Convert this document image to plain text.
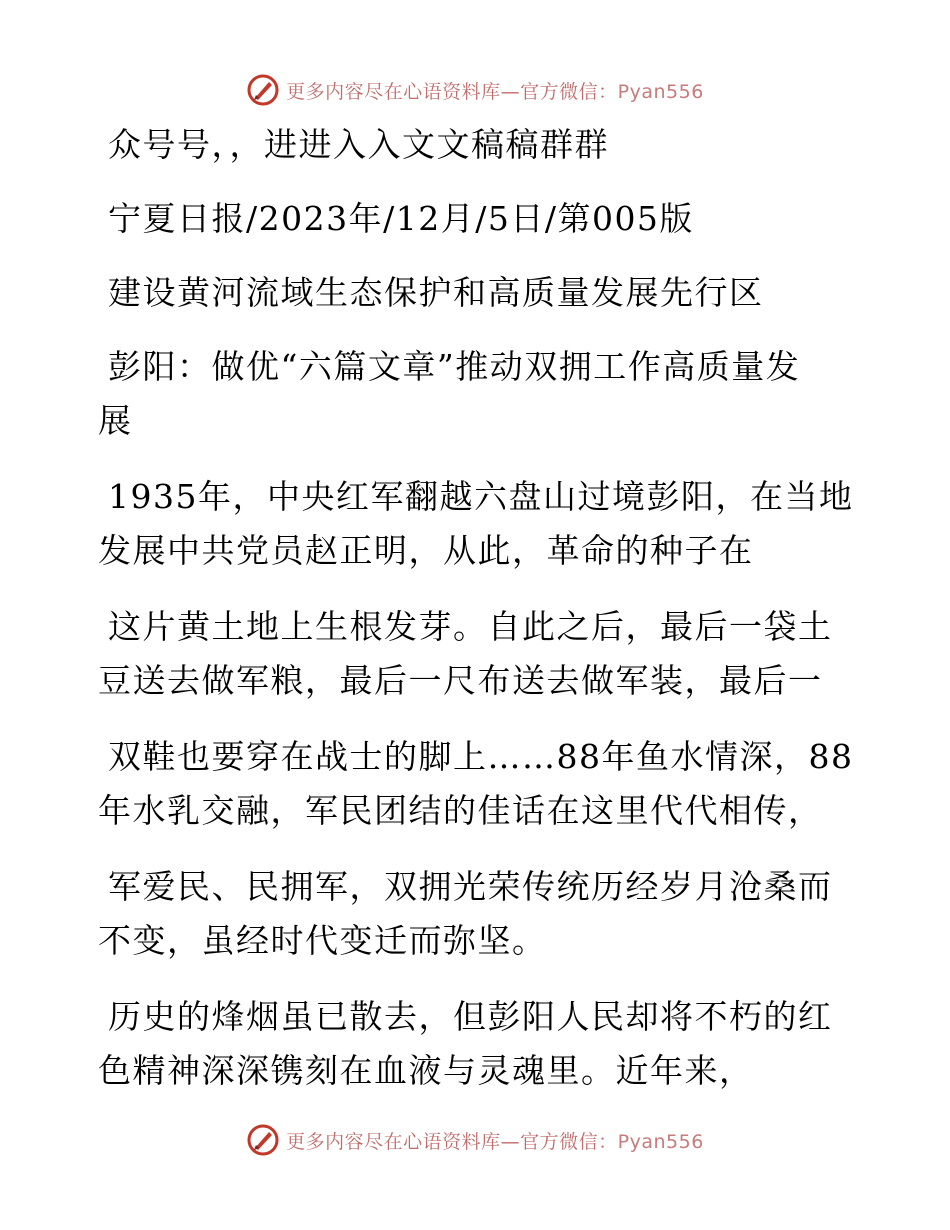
更多内容尽在心语资料库—官方微信：Pyan556

众号号，，进进入入文文稿稿群群

宁夏日报/2023年/12月/5日/第005版

建设黄河流域生态保护和高质量发展先行区

彭阳：做优“六篇文章”推动双拥工作高质量发
展

1935年，中央红军翻越六盘山过境彭阳，在当地
发展中共党员赵正明，从此，革命的种子在

这片黄土地上生根发芽。自此之后，最后一袋土
豆送去做军粮，最后一尺布送去做军装，最后一

双鞋也要穿在战士的脚上……88年鱼水情深，88
年水乳交融，军民团结的佳话在这里代代相传，

军爱民、民拥军，双拥光荣传统历经岁月沧桑而
不变，虽经时代变迁而弥坚。

历史的烽烟虽已散去，但彭阳人民却将不朽的红
色精神深深镌刻在血液与灵魂里。近年来，

更多内容尽在心语资料库—官方微信：Pyan556
